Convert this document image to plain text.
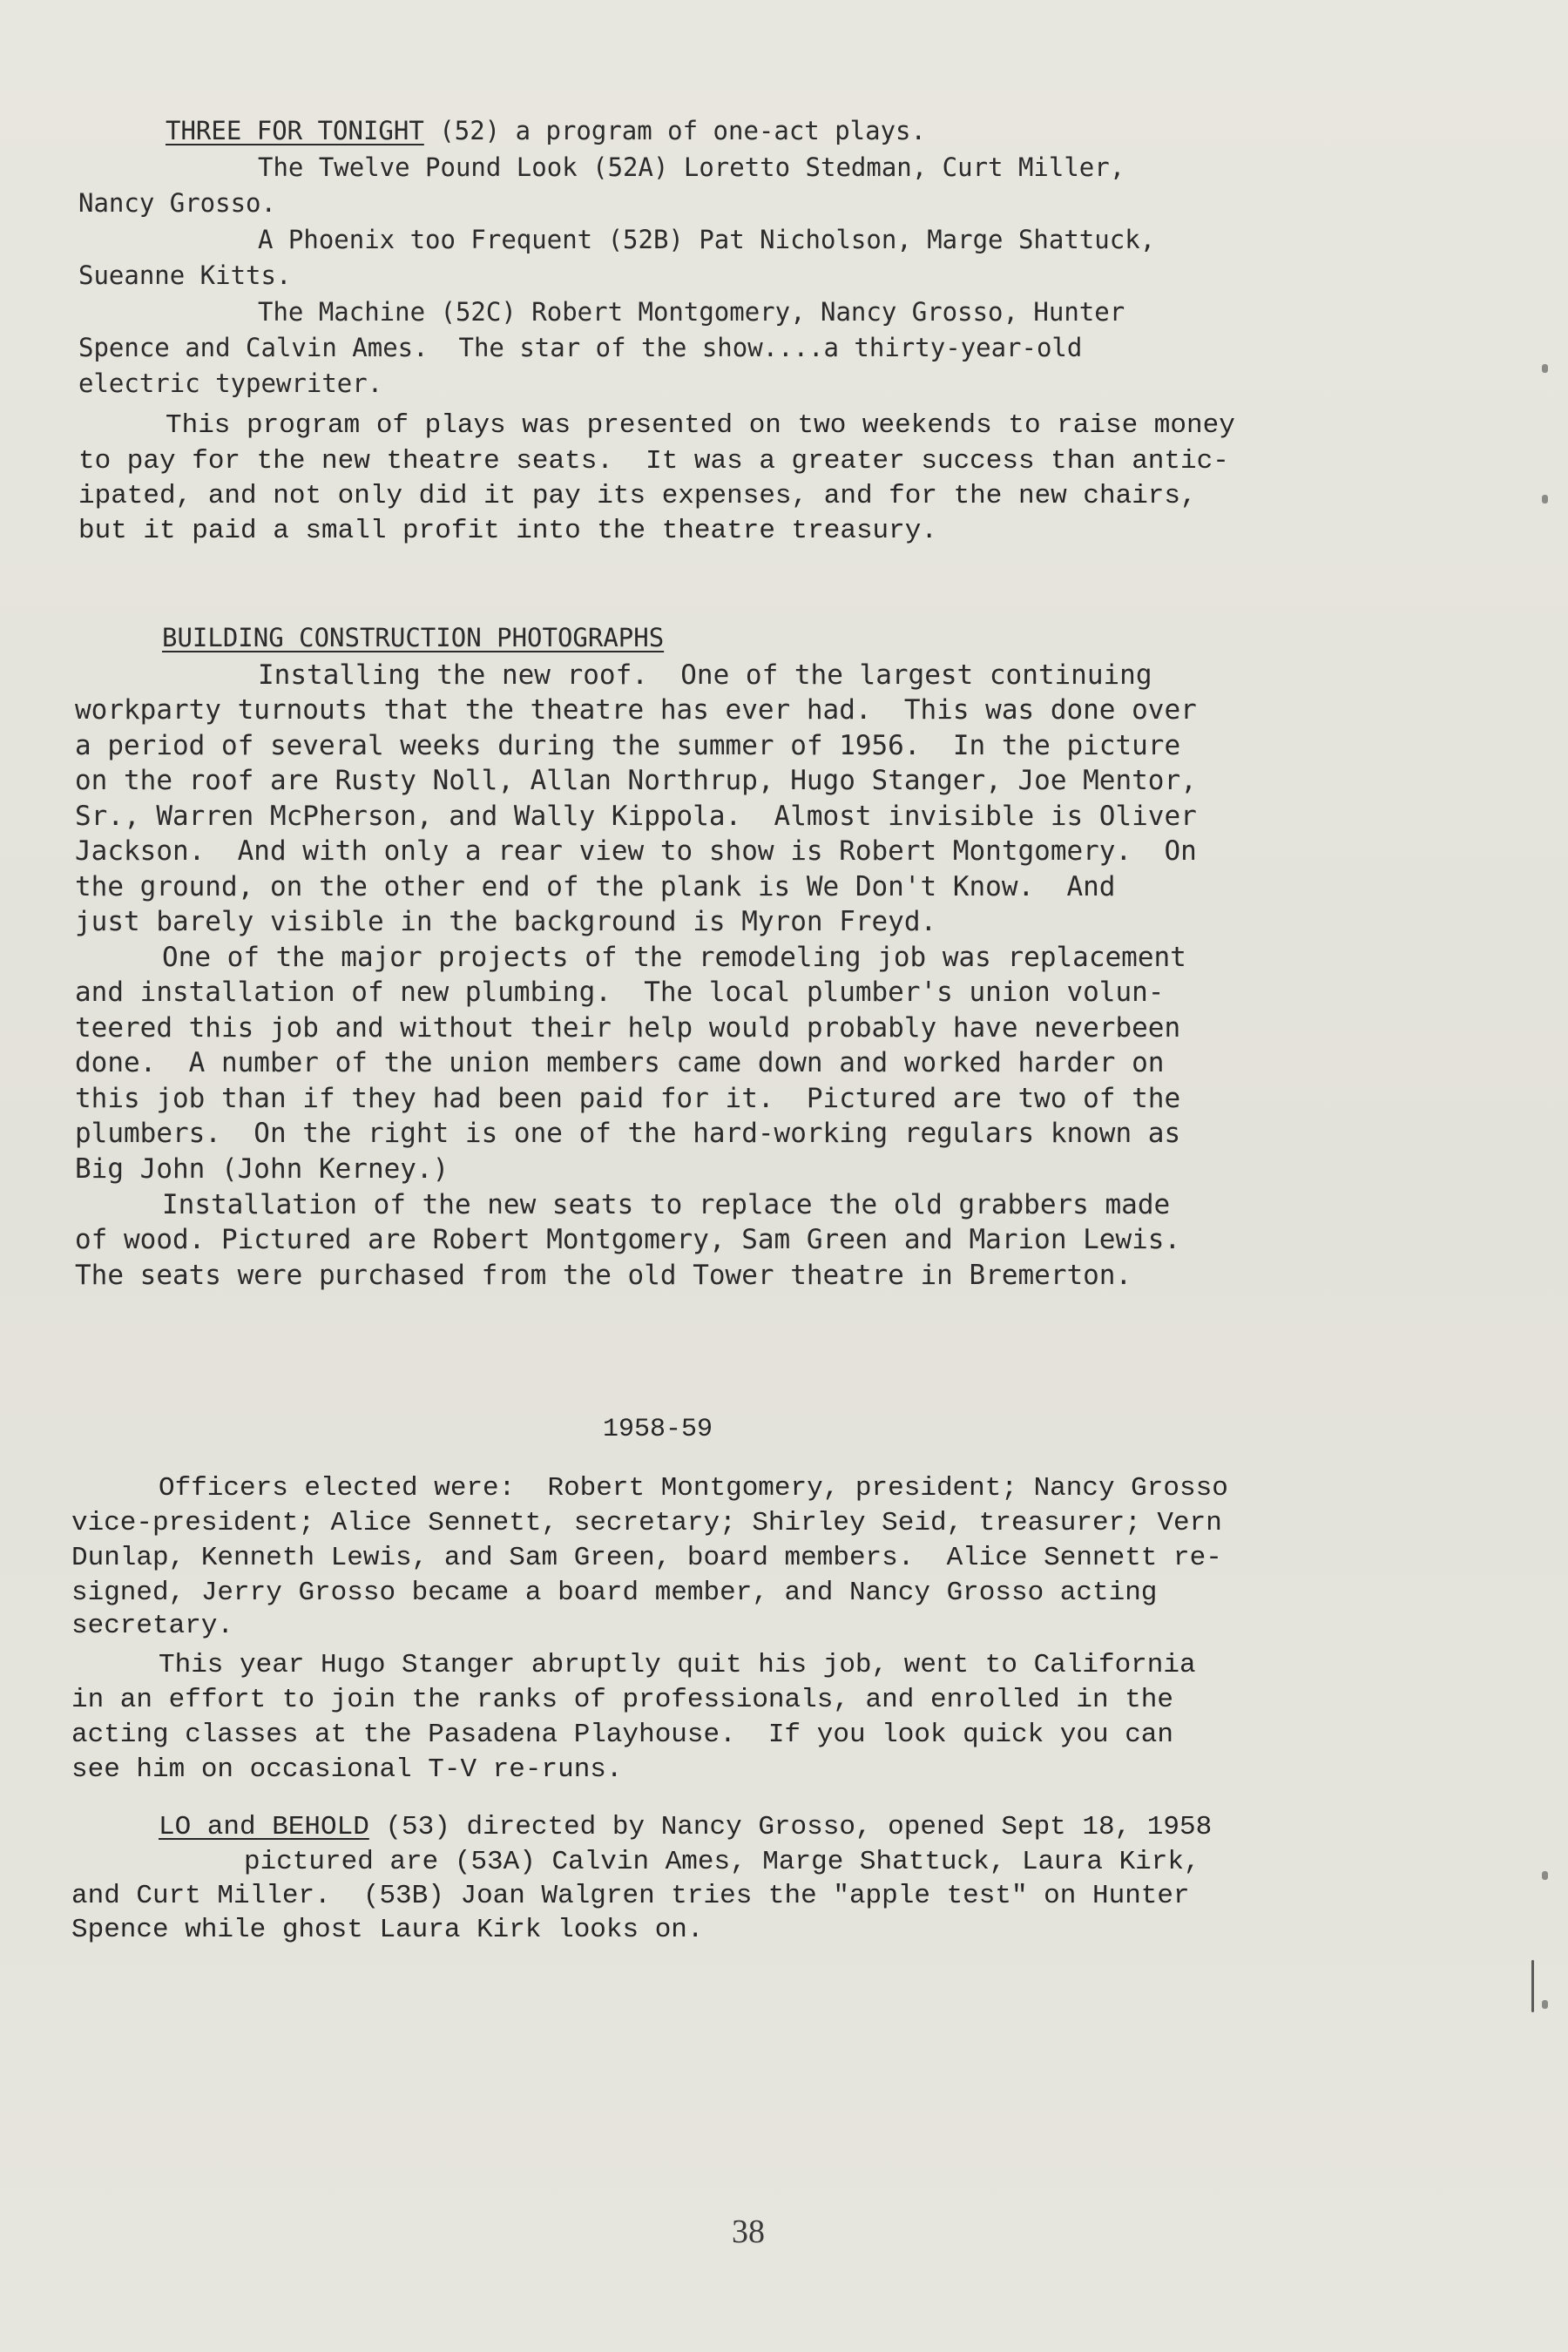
THREE FOR TONIGHT (52) a program of one-act plays.
The Twelve Pound Look (52A) Loretto Stedman, Curt Miller,
Nancy Grosso.
A Phoenix too Frequent (52B) Pat Nicholson, Marge Shattuck,
Sueanne Kitts.
The Machine (52C) Robert Montgomery, Nancy Grosso, Hunter
Spence and Calvin Ames.  The star of the show....a thirty-year-old
electric typewriter.
This program of plays was presented on two weekends to raise money
to pay for the new theatre seats.  It was a greater success than antic-
ipated, and not only did it pay its expenses, and for the new chairs,
but it paid a small profit into the theatre treasury.
BUILDING CONSTRUCTION PHOTOGRAPHS
Installing the new roof.  One of the largest continuing
workparty turnouts that the theatre has ever had.  This was done over
a period of several weeks during the summer of 1956.  In the picture
on the roof are Rusty Noll, Allan Northrup, Hugo Stanger, Joe Mentor,
Sr., Warren McPherson, and Wally Kippola.  Almost invisible is Oliver
Jackson.  And with only a rear view to show is Robert Montgomery.  On
the ground, on the other end of the plank is We Don't Know.  And
just barely visible in the background is Myron Freyd.
One of the major projects of the remodeling job was replacement
and installation of new plumbing.  The local plumber's union volun-
teered this job and without their help would probably have neverbeen
done.  A number of the union members came down and worked harder on
this job than if they had been paid for it.  Pictured are two of the
plumbers.  On the right is one of the hard-working regulars known as
Big John (John Kerney.)
Installation of the new seats to replace the old grabbers made
of wood. Pictured are Robert Montgomery, Sam Green and Marion Lewis.
The seats were purchased from the old Tower theatre in Bremerton.
1958-59
Officers elected were:  Robert Montgomery, president; Nancy Grosso
vice-president; Alice Sennett, secretary; Shirley Seid, treasurer; Vern
Dunlap, Kenneth Lewis, and Sam Green, board members.  Alice Sennett re-
signed, Jerry Grosso became a board member, and Nancy Grosso acting
secretary.
This year Hugo Stanger abruptly quit his job, went to California
in an effort to join the ranks of professionals, and enrolled in the
acting classes at the Pasadena Playhouse.  If you look quick you can
see him on occasional T-V re-runs.
LO and BEHOLD (53) directed by Nancy Grosso, opened Sept 18, 1958
pictured are (53A) Calvin Ames, Marge Shattuck, Laura Kirk,
and Curt Miller.  (53B) Joan Walgren tries the "apple test" on Hunter
Spence while ghost Laura Kirk looks on.
38
